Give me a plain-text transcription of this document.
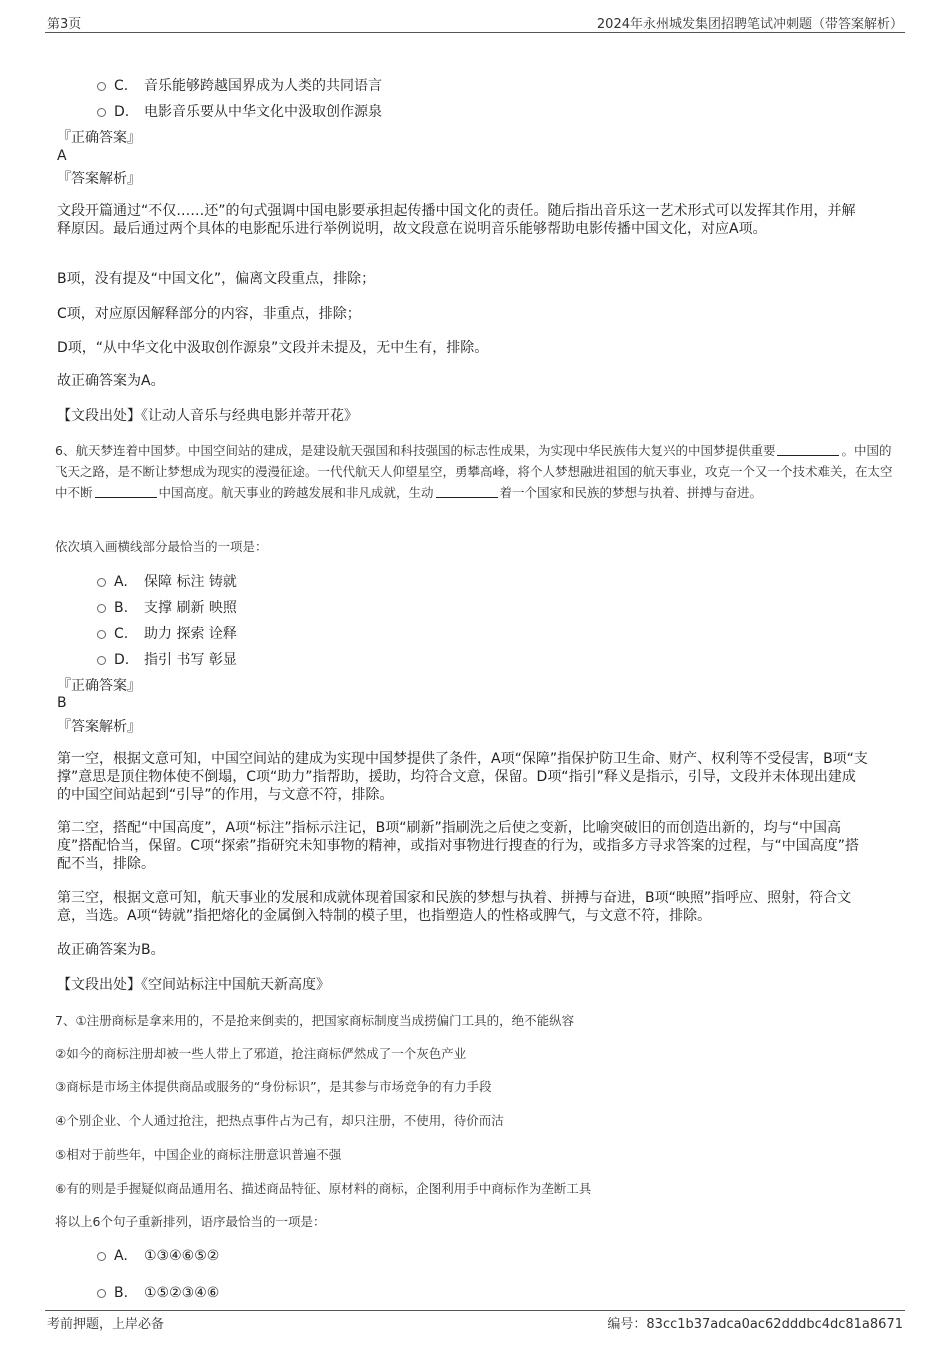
第3页	2024年永州城发集团招聘笔试冲刺题（带答案解析）
C. 音乐能够跨越国界成为人类的共同语言
D. 电影音乐要从中华文化中汲取创作源泉
『正确答案』
A
『答案解析』
文段开篇通过“不仅……还”的句式强调中国电影要承担起传播中国文化的责任。随后指出音乐这一艺术形式可以发挥其作用，并解释原因。最后通过两个具体的电影配乐进行举例说明，故文段意在说明音乐能够帮助电影传播中国文化，对应A项。
B项，没有提及“中国文化”，偏离文段重点，排除；
C项，对应原因解释部分的内容，非重点，排除；
D项，“从中华文化中汲取创作源泉”文段并未提及，无中生有，排除。
故正确答案为A。
【文段出处】《让动人音乐与经典电影并蒂开花》
6、航天梦连着中国梦。中国空间站的建成，是建设航天强国和科技强国的标志性成果，为实现中华民族伟大复兴的中国梦提供重要	。中国的飞天之路，是不断让梦想成为现实的漫漫征途。一代代航天人仰望星空，勇攀高峰，将个人梦想融进祖国的航天事业，攻克一个又一个技术难关，在太空中不断	中国高度。航天事业的跨越发展和非凡成就，生动	着一个国家和民族的梦想与执着、拼搏与奋进。
依次填入画横线部分最恰当的一项是：
A. 保障 标注 铸就
B. 支撑 刷新 映照
C. 助力 探索 诠释
D. 指引 书写 彰显
『正确答案』
B
『答案解析』
第一空，根据文意可知，中国空间站的建成为实现中国梦提供了条件，A项“保障”指保护防卫生命、财产、权利等不受侵害，B项“支撑”意思是顶住物体使不倒塌，C项“助力”指帮助，援助，均符合文意，保留。D项“指引”释义是指示，引导，文段并未体现出建成的中国空间站起到“引导”的作用，与文意不符，排除。
第二空，搭配“中国高度”，A项“标注”指标示注记，B项“刷新”指刷洗之后使之变新，比喻突破旧的而创造出新的，均与“中国高度”搭配恰当，保留。C项“探索”指研究未知事物的精神，或指对事物进行搜查的行为，或指多方寻求答案的过程，与“中国高度”搭配不当，排除。
第三空，根据文意可知，航天事业的发展和成就体现着国家和民族的梦想与执着、拼搏与奋进，B项“映照”指呼应、照射，符合文意，当选。A项“铸就”指把熔化的金属倒入特制的模子里，也指塑造人的性格或脾气，与文意不符，排除。
故正确答案为B。
【文段出处】《空间站标注中国航天新高度》
7、①注册商标是拿来用的，不是抢来倒卖的，把国家商标制度当成捞偏门工具的，绝不能纵容
②如今的商标注册却被一些人带上了邪道，抢注商标俨然成了一个灰色产业
③商标是市场主体提供商品或服务的“身份标识”，是其参与市场竞争的有力手段
④个别企业、个人通过抢注，把热点事件占为己有，却只注册，不使用，待价而沽
⑤相对于前些年，中国企业的商标注册意识普遍不强
⑥有的则是手握疑似商品通用名、描述商品特征、原材料的商标，企图利用手中商标作为垄断工具
将以上6个句子重新排列，语序最恰当的一项是：
A. ①③④⑥⑤②
B. ①⑤②③④⑥
考前押题，上岸必备	编号：83cc1b37adca0ac62dddbc4dc81a8671
